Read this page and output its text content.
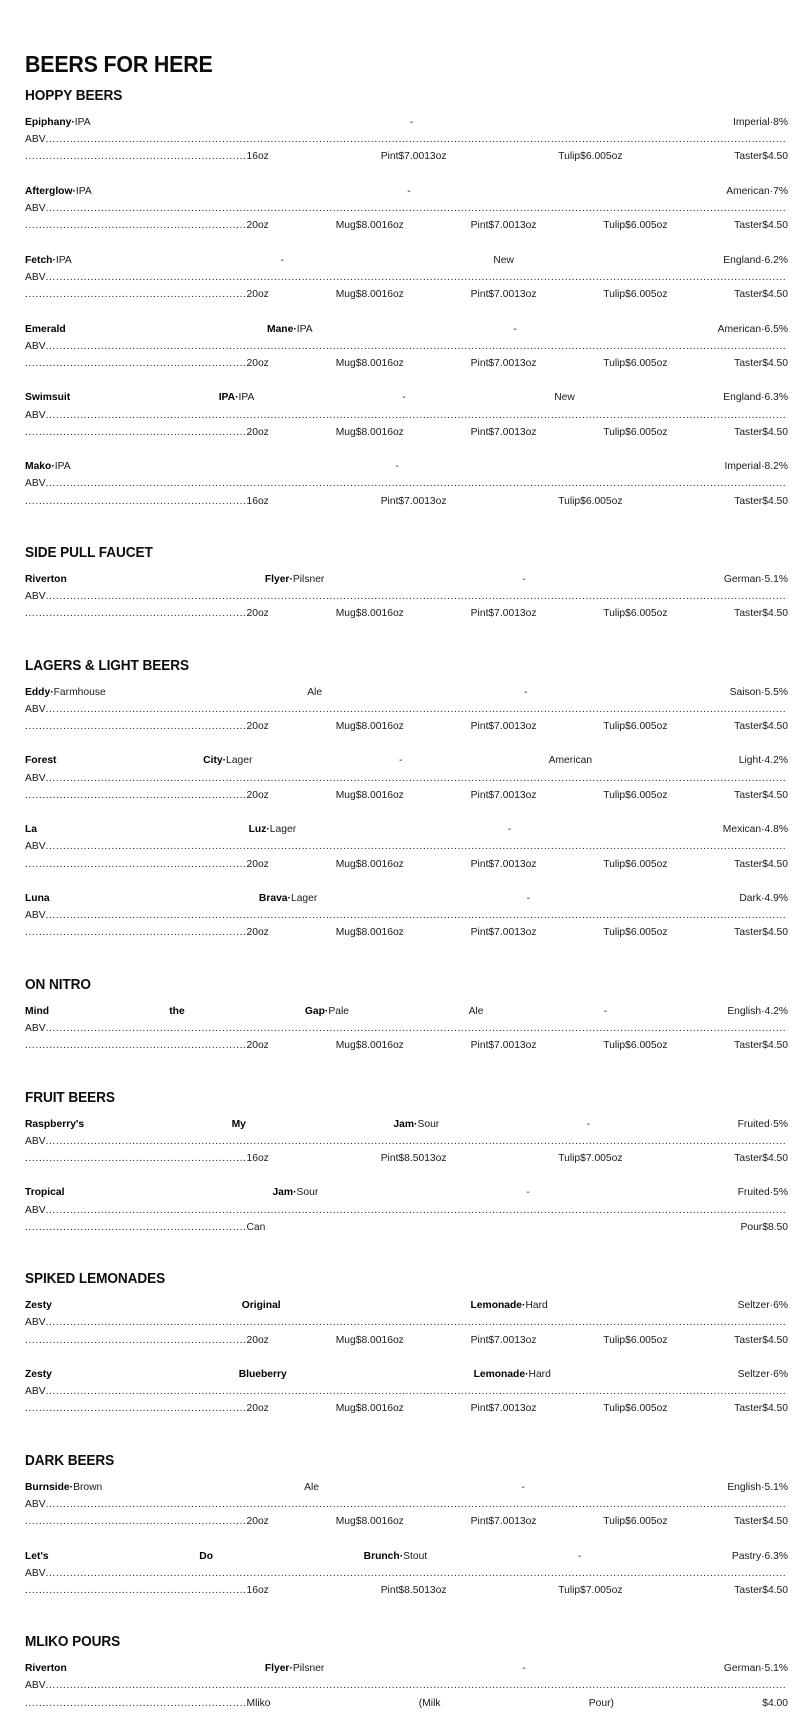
BEERS FOR HERE
HOPPY BEERS
Epiphany·IPA - Imperial·8% ABV......................................................................................................................................................................................................................................................................................16oz Pint$7.0013oz Tulip$6.005oz Taster$4.50
Afterglow·IPA - American·7% ABV......................................................................................................................................................................................................................................................................................20oz Mug$8.0016oz Pint$7.0013oz Tulip$6.005oz Taster$4.50
Fetch·IPA - New England·6.2% ABV......................................................................................................................................................................................................................................................................................20oz Mug$8.0016oz Pint$7.0013oz Tulip$6.005oz Taster$4.50
Emerald Mane·IPA - American·6.5% ABV......................................................................................................................................................................................................................................................................................20oz Mug$8.0016oz Pint$7.0013oz Tulip$6.005oz Taster$4.50
Swimsuit IPA·IPA - New England·6.3% ABV......................................................................................................................................................................................................................................................................................20oz Mug$8.0016oz Pint$7.0013oz Tulip$6.005oz Taster$4.50
Mako·IPA - Imperial·8.2% ABV......................................................................................................................................................................................................................................................................................16oz Pint$7.0013oz Tulip$6.005oz Taster$4.50
SIDE PULL FAUCET
Riverton Flyer·Pilsner - German·5.1% ABV......................................................................................................................................................................................................................................................................................20oz Mug$8.0016oz Pint$7.0013oz Tulip$6.005oz Taster$4.50
LAGERS & LIGHT BEERS
Eddy·Farmhouse Ale - Saison·5.5% ABV......................................................................................................................................................................................................................................................................................20oz Mug$8.0016oz Pint$7.0013oz Tulip$6.005oz Taster$4.50
Forest City·Lager - American Light·4.2% ABV......................................................................................................................................................................................................................................................................................20oz Mug$8.0016oz Pint$7.0013oz Tulip$6.005oz Taster$4.50
La Luz·Lager - Mexican·4.8% ABV......................................................................................................................................................................................................................................................................................20oz Mug$8.0016oz Pint$7.0013oz Tulip$6.005oz Taster$4.50
Luna Brava·Lager - Dark·4.9% ABV......................................................................................................................................................................................................................................................................................20oz Mug$8.0016oz Pint$7.0013oz Tulip$6.005oz Taster$4.50
ON NITRO
Mind the Gap·Pale Ale - English·4.2% ABV......................................................................................................................................................................................................................................................................................20oz Mug$8.0016oz Pint$7.0013oz Tulip$6.005oz Taster$4.50
FRUIT BEERS
Raspberry's My Jam·Sour - Fruited·5% ABV......................................................................................................................................................................................................................................................................................16oz Pint$8.5013oz Tulip$7.005oz Taster$4.50
Tropical Jam·Sour - Fruited·5% ABV......................................................................................................................................................................................................................................................................................Can Pour$8.50
SPIKED LEMONADES
Zesty Original Lemonade·Hard Seltzer·6% ABV......................................................................................................................................................................................................................................................................................20oz Mug$8.0016oz Pint$7.0013oz Tulip$6.005oz Taster$4.50
Zesty Blueberry Lemonade·Hard Seltzer·6% ABV......................................................................................................................................................................................................................................................................................20oz Mug$8.0016oz Pint$7.0013oz Tulip$6.005oz Taster$4.50
DARK BEERS
Burnside·Brown Ale - English·5.1% ABV......................................................................................................................................................................................................................................................................................20oz Mug$8.0016oz Pint$7.0013oz Tulip$6.005oz Taster$4.50
Let's Do Brunch·Stout - Pastry·6.3% ABV......................................................................................................................................................................................................................................................................................16oz Pint$8.5013oz Tulip$7.005oz Taster$4.50
MLIKO POURS
Riverton Flyer·Pilsner - German·5.1% ABV......................................................................................................................................................................................................................................................................................Mliko (Milk Pour) $4.00
